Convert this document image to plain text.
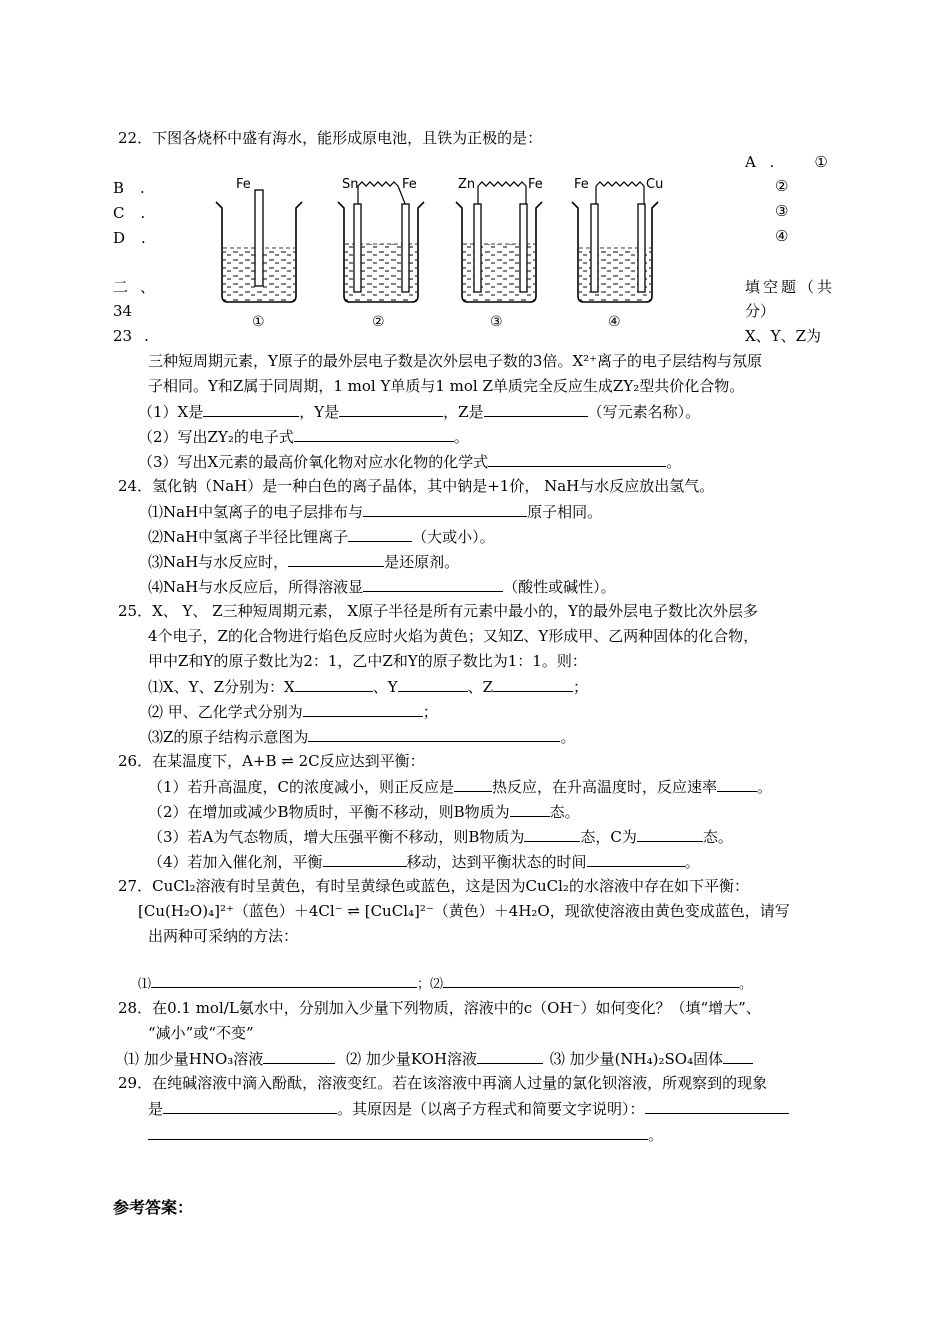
22．下图各烧杯中盛有海水，能形成原电池，且铁为正极的是：
A .	①
②
③
④
B .
C .
D .
Fe
①
Sn	Fe
②
Zn	Fe
③
Fe	Cu
④
二 、	填空题（共
34	分）
23 .	X、Y、Z为
三种短周期元素，Y原子的最外层电子数是次外层电子数的3倍。X²⁺离子的电子层结构与氖原
子相同。Y和Z属于同周期，1 mol Y单质与1 mol Z单质完全反应生成ZY₂型共价化合物。
（1）X是	，Y是	，Z是	（写元素名称）。
（2）写出ZY₂的电子式	。
（3）写出X元素的最高价氧化物对应水化物的化学式	。
24．氢化钠（NaH）是一种白色的离子晶体，其中钠是+1价， NaH与水反应放出氢气。
⑴NaH中氢离子的电子层排布与	原子相同。
⑵NaH中氢离子半径比锂离子	（大或小）。
⑶NaH与水反应时，	是还原剂。
⑷NaH与水反应后，所得溶液显	（酸性或碱性）。
25．X、 Y、 Z三种短周期元素， X原子半径是所有元素中最小的，Y的最外层电子数比次外层多
4个电子，Z的化合物进行焰色反应时火焰为黄色；又知Z、Y形成甲、乙两种固体的化合物，
甲中Z和Y的原子数比为2：1，乙中Z和Y的原子数比为1：1。则：
⑴X、Y、Z分别为：X	、Y	、Z	；
⑵ 甲、乙化学式分别为	；
⑶Z的原子结构示意图为	。
26．在某温度下，A+B ⇌ 2C反应达到平衡：
（1）若升高温度，C的浓度减小，则正反应是	热反应，在升高温度时，反应速率	。
（2）在增加或减少B物质时，平衡不移动，则B物质为	态。
（3）若A为气态物质，增大压强平衡不移动，则B物质为	态，C为	态。
（4）若加入催化剂，平衡	移动，达到平衡状态的时间	。
27．CuCl₂溶液有时呈黄色，有时呈黄绿色或蓝色，这是因为CuCl₂的水溶液中存在如下平衡：
[Cu(H₂O)₄]²⁺（蓝色）＋4Cl⁻ ⇌ [CuCl₄]²⁻（黄色）＋4H₂O，现欲使溶液由黄色变成蓝色，请写
出两种可采纳的方法：
⑴	；⑵	。
28．在0.1 mol/L氨水中，分别加入少量下列物质，溶液中的c（OH⁻）如何变化？（填“增大”、
“减小”或“不变”
⑴ 加少量HNO₃溶液	⑵ 加少量KOH溶液	⑶ 加少量(NH₄)₂SO₄固体
29．在纯碱溶液中滴入酚酞，溶液变红。若在该溶液中再滴人过量的氯化钡溶液，所观察到的现象
是	。其原因是（以离子方程式和简要文字说明）：
。
参考答案：
